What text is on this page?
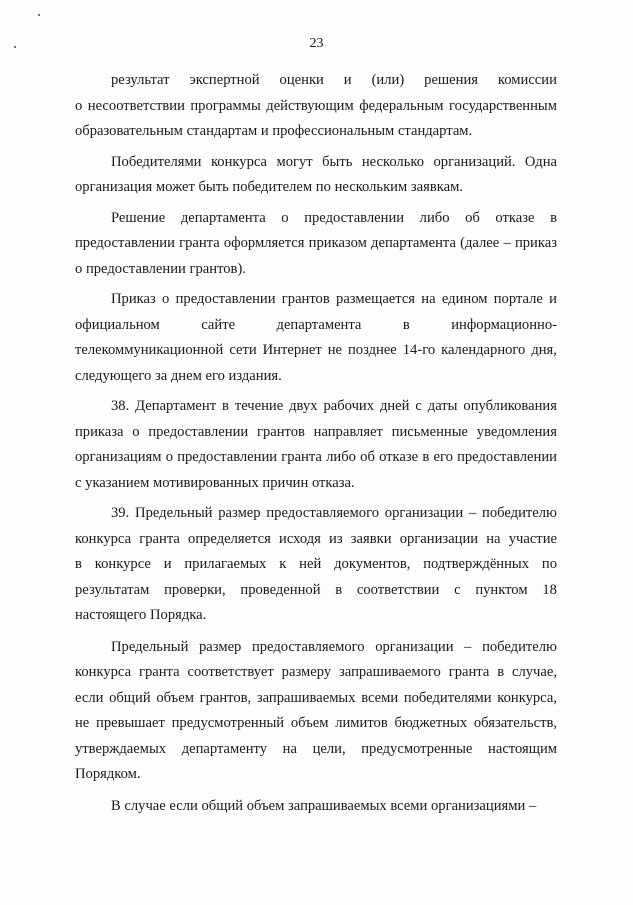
23
результат экспертной оценки и (или) решения комиссии
о несоответствии программы действующим федеральным государственным
образовательным стандартам и профессиональным стандартам.
Победителями конкурса могут быть несколько организаций. Одна
организация может быть победителем по нескольким заявкам.
Решение департамента о предоставлении либо об отказе в
предоставлении гранта оформляется приказом департамента (далее – приказ
о предоставлении грантов).
Приказ о предоставлении грантов размещается на едином портале и
официальном	сайте	департамента	в	информационно-
телекоммуникационной сети Интернет не позднее 14-го календарного дня,
следующего за днем его издания.
38. Департамент в течение двух рабочих дней с даты опубликования
приказа о предоставлении грантов направляет письменные уведомления
организациям о предоставлении гранта либо об отказе в его предоставлении
с указанием мотивированных причин отказа.
39. Предельный размер предоставляемого организации – победителю
конкурса гранта определяется исходя из заявки организации на участие
в конкурсе и прилагаемых к ней документов, подтверждённых по
результатам проверки, проведенной в соответствии с пунктом 18
настоящего Порядка.
Предельный размер предоставляемого организации – победителю
конкурса гранта соответствует размеру запрашиваемого гранта в случае,
если общий объем грантов, запрашиваемых всеми победителями конкурса,
не превышает предусмотренный объем лимитов бюджетных обязательств,
утверждаемых департаменту на цели, предусмотренные настоящим
Порядком.
В случае если общий объем запрашиваемых всеми организациями –
